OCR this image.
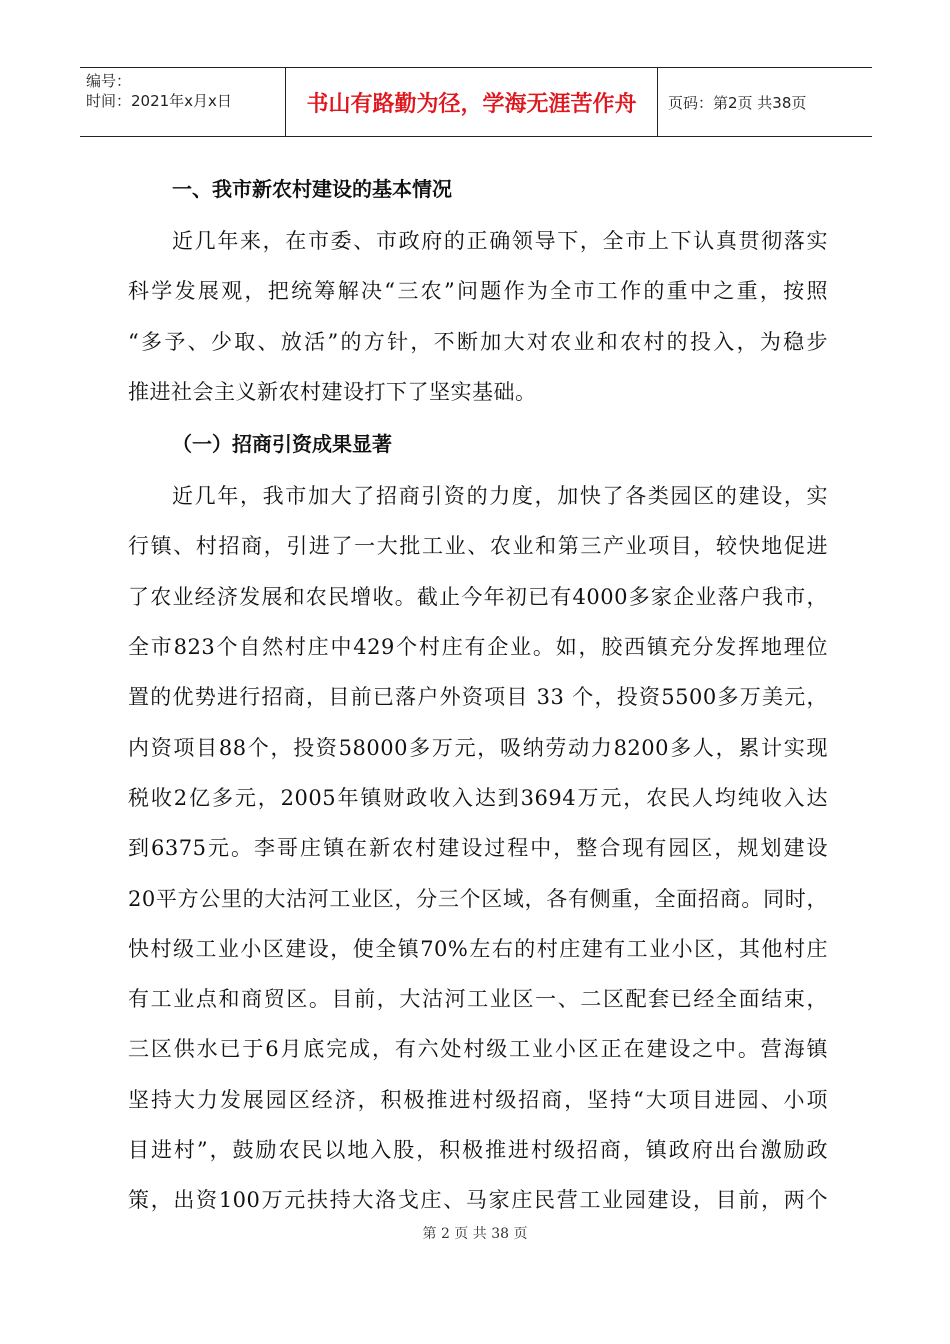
编号：
时间：2021年x月x日	书山有路勤为径，学海无涯苦作舟	页码：第2页 共38页
一、我市新农村建设的基本情况
近几年来，在市委、市政府的正确领导下，全市上下认真贯彻落实
科学发展观，把统筹解决“三农”问题作为全市工作的重中之重，按照
“多予、少取、放活”的方针，不断加大对农业和农村的投入，为稳步
推进社会主义新农村建设打下了坚实基础。
（一）招商引资成果显著
近几年，我市加大了招商引资的力度，加快了各类园区的建设，实
行镇、村招商，引进了一大批工业、农业和第三产业项目，较快地促进
了农业经济发展和农民增收。截止今年初已有4000多家企业落户我市，
全市823个自然村庄中429个村庄有企业。如，胶西镇充分发挥地理位
置的优势进行招商，目前已落户外资项目 33 个，投资5500多万美元，
内资项目88个，投资58000多万元，吸纳劳动力8200多人，累计实现
税收2亿多元，2005年镇财政收入达到3694万元，农民人均纯收入达
到6375元。李哥庄镇在新农村建设过程中，整合现有园区，规划建设
20平方公里的大沽河工业区，分三个区域，各有侧重，全面招商。同时，
快村级工业小区建设，使全镇70%左右的村庄建有工业小区，其他村庄
有工业点和商贸区。目前，大沽河工业区一、二区配套已经全面结束，
三区供水已于6月底完成，有六处村级工业小区正在建设之中。营海镇
坚持大力发展园区经济，积极推进村级招商，坚持“大项目进园、小项
目进村”，鼓励农民以地入股，积极推进村级招商，镇政府出台激励政
策，出资100万元扶持大洛戈庄、马家庄民营工业园建设，目前，两个
第 2 页 共 38 页
